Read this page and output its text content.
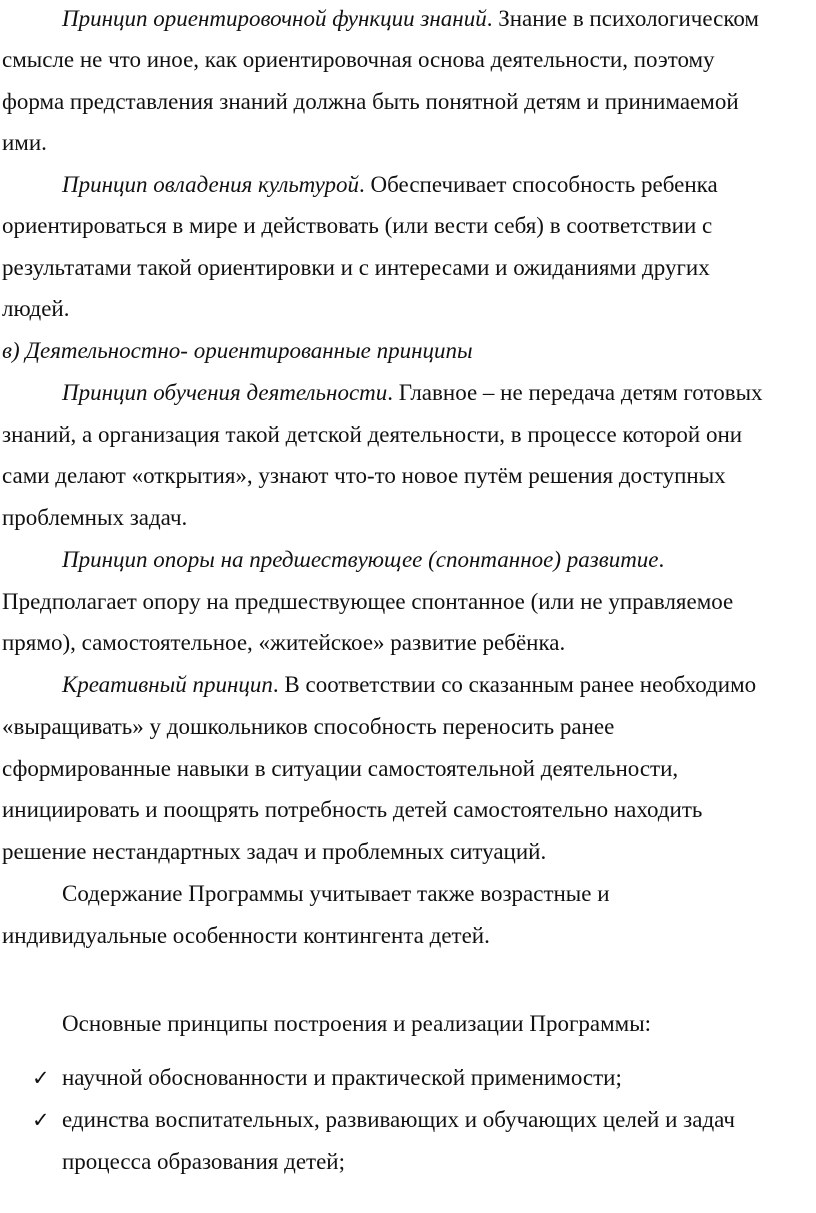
Принцип ориентировочной функции знаний. Знание в психологическом
смысле не что иное, как ориентировочная основа деятельности, поэтому
форма представления знаний должна быть понятной детям и принимаемой
ими.
Принцип овладения культурой. Обеспечивает способность ребенка
ориентироваться в мире и действовать (или вести себя) в соответствии с
результатами такой ориентировки и с интересами и ожиданиями других
людей.
в) Деятельностно- ориентированные принципы
Принцип обучения деятельности. Главное – не передача детям готовых
знаний, а организация такой детской деятельности, в процессе которой они
сами делают «открытия», узнают что-то новое путём решения доступных
проблемных задач.
Принцип опоры на предшествующее (спонтанное) развитие.
Предполагает опору на предшествующее спонтанное (или не управляемое
прямо), самостоятельное, «житейское» развитие ребёнка.
Креативный принцип. В соответствии со сказанным ранее необходимо
«выращивать» у дошкольников способность переносить ранее
сформированные навыки в ситуации самостоятельной деятельности,
инициировать и поощрять потребность детей самостоятельно находить
решение нестандартных задач и проблемных ситуаций.
Содержание Программы учитывает также возрастные и
индивидуальные особенности контингента детей.
Основные принципы построения и реализации Программы:
✓ научной обоснованности и практической применимости;
✓ единства воспитательных, развивающих и обучающих целей и задач
процесса образования детей;
